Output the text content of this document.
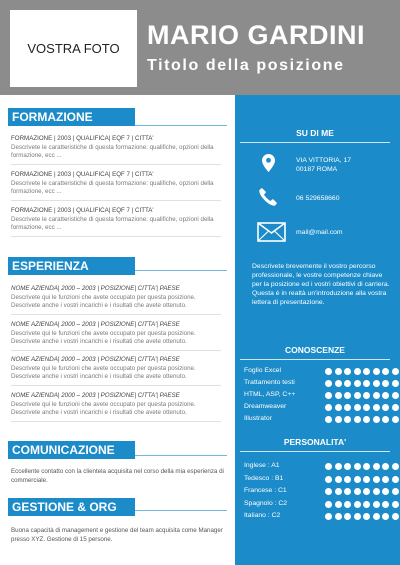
VOSTRA FOTO MARIO GARDINI
Titolo della posizione
FORMAZIONE
FORMAZIONE | 2003 | QUALIFICA| EQF 7 | CITTA'
Descrivete le caratteristiche di questa formazione: qualifiche, opzioni della formazione, ecc ...
FORMAZIONE | 2003 | QUALIFICA| EQF 7 | CITTA'
Descrivete le caratteristiche di questa formazione: qualifiche, opzioni della formazione, ecc ...
FORMAZIONE | 2003 | QUALIFICA| EQF 7 | CITTA'
Descrivete le caratteristiche di questa formazione: qualifiche, opzioni della formazione, ecc ...
ESPERIENZA
NOME AZIENDA| 2000 – 2003 | POSIZIONE| CITTA'| PAESE
Descrivete qui le funzioni che avete occupato per questa posizione. Descrivete anche i vostri incarichi e i risultati che avete ottenuto.
NOME AZIENDA| 2000 – 2003 | POSIZIONE| CITTA'| PAESE
Descrivete qui le funzioni che avete occupato per questa posizione. Descrivete anche i vostri incarichi e i risultati che avete ottenuto.
NOME AZIENDA| 2000 – 2003 | POSIZIONE| CITTA'| PAESE
Descrivete qui le funzioni che avete occupato per questa posizione. Descrivete anche i vostri incarichi e i risultati che avete ottenuto.
NOME AZIENDA| 2000 – 2003 | POSIZIONE| CITTA'| PAESE
Descrivete qui le funzioni che avete occupato per questa posizione. Descrivete anche i vostri incarichi e i risultati che avete ottenuto.
COMUNICAZIONE
Eccellente contatto con la clientela acquisita nel corso della mia esperienza di commerciale.
GESTIONE & ORG
Buona capacità di management e gestione del team acquisita come Manager presso XYZ. Gestione di 15 persone.
SU DI ME
VIA VITTORIA, 17
00187 ROMA
06 529658660
mail@mail.com
Descrivete brevemente il vostro percorso professionale, le vostre competenze chiave per la posizione ed i vostri obiettivi di carriera. Questa è in realtà un'introduzione alla vostra lettera di presentazione.
CONOSCENZE
Foglio Excel
Trattamento testi
HTML, ASP, C++
Dreamweaver
Illustrator
PERSONALITA'
Inglese : A1
Tedesco : B1
Francese : C1
Spagnolo : C2
Italiano : C2
